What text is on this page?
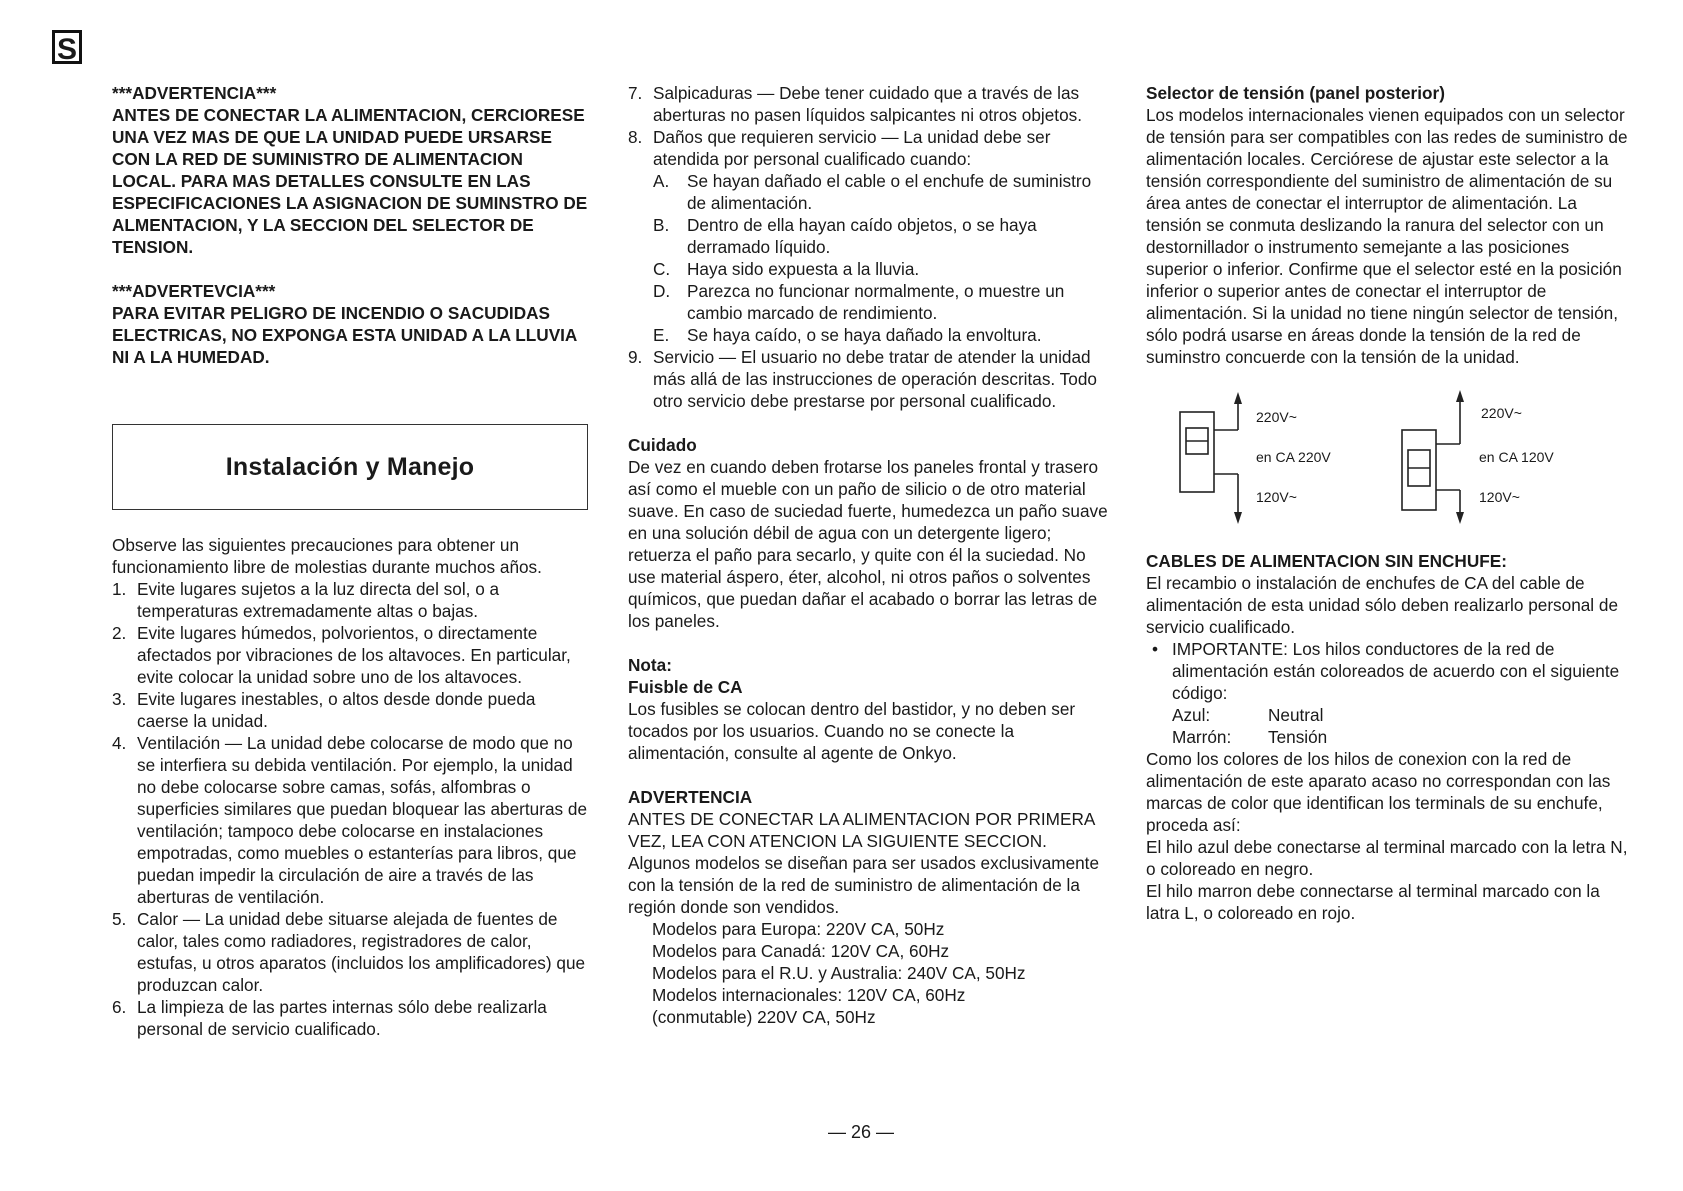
S

***ADVERTENCIA***

ANTES DE CONECTAR LA ALIMENTACION, CERCIORESE UNA VEZ MAS DE QUE LA UNIDAD PUEDE URSARSE CON LA RED DE SUMINISTRO DE ALIMENTACION LOCAL. PARA MAS DETALLES CONSULTE EN LAS ESPECIFICACIONES LA ASIGNACION DE SUMINSTRO DE ALMENTACION, Y LA SECCION DEL SELECTOR DE TENSION.

***ADVERTEVCIA***

PARA EVITAR PELIGRO DE INCENDIO O SACUDIDAS ELECTRICAS, NO EXPONGA ESTA UNIDAD A LA LLUVIA NI A LA HUMEDAD.

Instalación y Manejo

Observe las siguientes precauciones para obtener un funcionamiento libre de molestias durante muchos años.

1. Evite lugares sujetos a la luz directa del sol, o a temperaturas extremadamente altas o bajas.
2. Evite lugares húmedos, polvorientos, o directamente afectados por vibraciones de los altavoces. En particular, evite colocar la unidad sobre uno de los altavoces.
3. Evite lugares inestables, o altos desde donde pueda caerse la unidad.
4. Ventilación — La unidad debe colocarse de modo que no se interfiera su debida ventilación. Por ejemplo, la unidad no debe colocarse sobre camas, sofás, alfombras o superficies similares que puedan bloquear las aberturas de ventilación; tampoco debe colocarse en instalaciones empotradas, como muebles o estanterías para libros, que puedan impedir la circulación de aire a través de las aberturas de ventilación.
5. Calor — La unidad debe situarse alejada de fuentes de calor, tales como radiadores, registradores de calor, estufas, u otros aparatos (incluidos los amplificadores) que produzcan calor.
6. La limpieza de las partes internas sólo debe realizarla personal de servicio cualificado.
7. Salpicaduras — Debe tener cuidado que a través de las aberturas no pasen líquidos salpicantes ni otros objetos.
8. Daños que requieren servicio — La unidad debe ser atendida por personal cualificado cuando:
A. Se hayan dañado el cable o el enchufe de suministro de alimentación.
B. Dentro de ella hayan caído objetos, o se haya derramado líquido.
C. Haya sido expuesta a la lluvia.
D. Parezca no funcionar normalmente, o muestre un cambio marcado de rendimiento.
E. Se haya caído, o se haya dañado la envoltura.
9. Servicio — El usuario no debe tratar de atender la unidad más allá de las instrucciones de operación descritas. Todo otro servicio debe prestarse por personal cualificado.

Cuidado

De vez en cuando deben frotarse los paneles frontal y trasero así como el mueble con un paño de silicio o de otro material suave. En caso de suciedad fuerte, humedezca un paño suave en una solución débil de agua con un detergente ligero; retuerza el paño para secarlo, y quite con él la suciedad. No use material áspero, éter, alcohol, ni otros paños o solventes químicos, que puedan dañar el acabado o borrar las letras de los paneles.

Nota:

Fuisble de CA

Los fusibles se colocan dentro del bastidor, y no deben ser tocados por los usuarios. Cuando no se conecte la alimentación, consulte al agente de Onkyo.

ADVERTENCIA

ANTES DE CONECTAR LA ALIMENTACION POR PRIMERA VEZ, LEA CON ATENCION LA SIGUIENTE SECCION.

Algunos modelos se diseñan para ser usados exclusivamente con la tensión de la red de suministro de alimentación de la región donde son vendidos.

Modelos para Europa: 220V CA, 50Hz
Modelos para Canadá: 120V CA, 60Hz
Modelos para el R.U. y Australia: 240V CA, 50Hz
Modelos internacionales: 120V CA, 60Hz
(conmutable) 220V CA, 50Hz

Selector de tensión (panel posterior)

Los modelos internacionales vienen equipados con un selector de tensión para ser compatibles con las redes de suministro de alimentación locales. Cerciórese de ajustar este selector a la tensión correspondiente del suministro de alimentación de su área antes de conectar el interruptor de alimentación. La tensión se conmuta deslizando la ranura del selector con un destornillador o instrumento semejante a las posiciones superior o inferior. Confirme que el selector esté en la posición inferior o superior antes de conectar el interruptor de alimentación. Si la unidad no tiene ningún selector de tensión, sólo podrá usarse en áreas donde la tensión de la red de suminstro concuerde con la tensión de la unidad.

220V~
en CA 220V
120V~
220V~
en CA 120V
120V~

CABLES DE ALIMENTACION SIN ENCHUFE:

El recambio o instalación de enchufes de CA del cable de alimentación de esta unidad sólo deben realizarlo personal de servicio cualificado.

• IMPORTANTE: Los hilos conductores de la red de alimentación están coloreados de acuerdo con el siguiente código:
Azul:	Neutral
Marrón:	Tensión

Como los colores de los hilos de conexion con la red de alimentación de este aparato acaso no correspondan con las marcas de color que identifican los terminals de su enchufe, proceda así:

El hilo azul debe conectarse al terminal marcado con la letra N, o coloreado en negro.

El hilo marron debe connectarse al terminal marcado con la latra L, o coloreado en rojo.

— 26 —
